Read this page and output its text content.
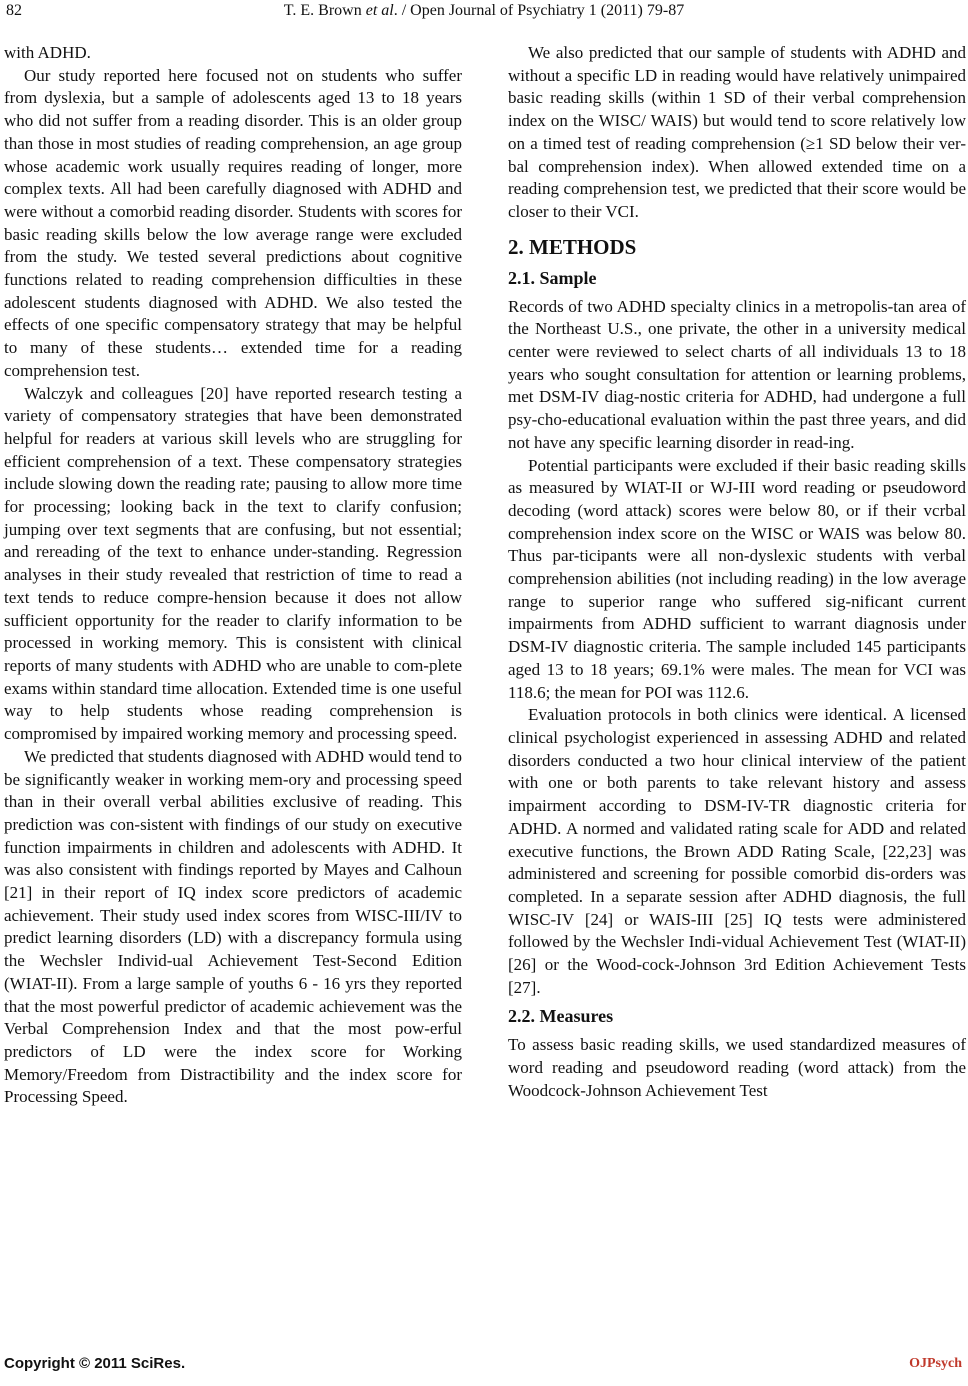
82	T. E. Brown et al. / Open Journal of Psychiatry 1 (2011) 79-87

with ADHD.

Our study reported here focused not on students who suffer from dyslexia, but a sample of adolescents aged 13 to 18 years who did not suffer from a reading disorder. This is an older group than those in most studies of reading comprehension, an age group whose academic work usually requires reading of longer, more complex texts. All had been carefully diagnosed with ADHD and were without a comorbid reading disorder. Students with scores for basic reading skills below the low average range were excluded from the study. We tested several predictions about cognitive functions related to reading comprehension difficulties in these adolescent students diagnosed with ADHD. We also tested the effects of one specific compensatory strategy that may be helpful to many of these students… extended time for a reading comprehension test.

Walczyk and colleagues [20] have reported research testing a variety of compensatory strategies that have been demonstrated helpful for readers at various skill levels who are struggling for efficient comprehension of a text. These compensatory strategies include slowing down the reading rate; pausing to allow more time for processing; looking back in the text to clarify confusion; jumping over text segments that are confusing, but not essential; and rereading of the text to enhance under-standing. Regression analyses in their study revealed that restriction of time to read a text tends to reduce compre-hension because it does not allow sufficient opportunity for the reader to clarify information to be processed in working memory. This is consistent with clinical reports of many students with ADHD who are unable to com-plete exams within standard time allocation. Extended time is one useful way to help students whose reading comprehension is compromised by impaired working memory and processing speed.

We predicted that students diagnosed with ADHD would tend to be significantly weaker in working mem-ory and processing speed than in their overall verbal abilities exclusive of reading. This prediction was con-sistent with findings of our study on executive function impairments in children and adolescents with ADHD. It was also consistent with findings reported by Mayes and Calhoun [21] in their report of IQ index score predictors of academic achievement. Their study used index scores from WISC-III/IV to predict learning disorders (LD) with a discrepancy formula using the Wechsler Individ-ual Achievement Test-Second Edition (WIAT-II). From a large sample of youths 6 - 16 yrs they reported that the most powerful predictor of academic achievement was the Verbal Comprehension Index and that the most pow-erful predictors of LD were the index score for Working Memory/Freedom from Distractibility and the index score for Processing Speed.

We also predicted that our sample of students with ADHD and without a specific LD in reading would have relatively unimpaired basic reading skills (within 1 SD of their verbal comprehension index on the WISC/ WAIS) but would tend to score relatively low on a timed test of reading comprehension (≥1 SD below their ver-bal comprehension index). When allowed extended time on a reading comprehension test, we predicted that their score would be closer to their VCI.

2. METHODS
2.1. Sample

Records of two ADHD specialty clinics in a metropolis-tan area of the Northeast U.S., one private, the other in a university medical center were reviewed to select charts of all individuals 13 to 18 years who sought consultation for attention or learning problems, met DSM-IV diag-nostic criteria for ADHD, had undergone a full psy-cho-educational evaluation within the past three years, and did not have any specific learning disorder in read-ing.

Potential participants were excluded if their basic reading skills as measured by WIAT-II or WJ-III word reading or pseudoword decoding (word attack) scores were below 80, or if their vcrbal comprehension index score on the WISC or WAIS was below 80. Thus par-ticipants were all non-dyslexic students with verbal comprehension abilities (not including reading) in the low average range to superior range who suffered sig-nificant current impairments from ADHD sufficient to warrant diagnosis under DSM-IV diagnostic criteria. The sample included 145 participants aged 13 to 18 years; 69.1% were males. The mean for VCI was 118.6; the mean for POI was 112.6.

Evaluation protocols in both clinics were identical. A licensed clinical psychologist experienced in assessing ADHD and related disorders conducted a two hour clinical interview of the patient with one or both parents to take relevant history and assess impairment according to DSM-IV-TR diagnostic criteria for ADHD. A normed and validated rating scale for ADD and related executive functions, the Brown ADD Rating Scale, [22,23] was administered and screening for possible comorbid dis-orders was completed. In a separate session after ADHD diagnosis, the full WISC-IV [24] or WAIS-III [25] IQ tests were administered followed by the Wechsler Indi-vidual Achievement Test (WIAT-II) [26] or the Wood-cock-Johnson 3rd Edition Achievement Tests [27].

2.2. Measures

To assess basic reading skills, we used standardized measures of word reading and pseudoword reading (word attack) from the Woodcock-Johnson Achievement Test

Copyright © 2011 SciRes.	OJPsych
